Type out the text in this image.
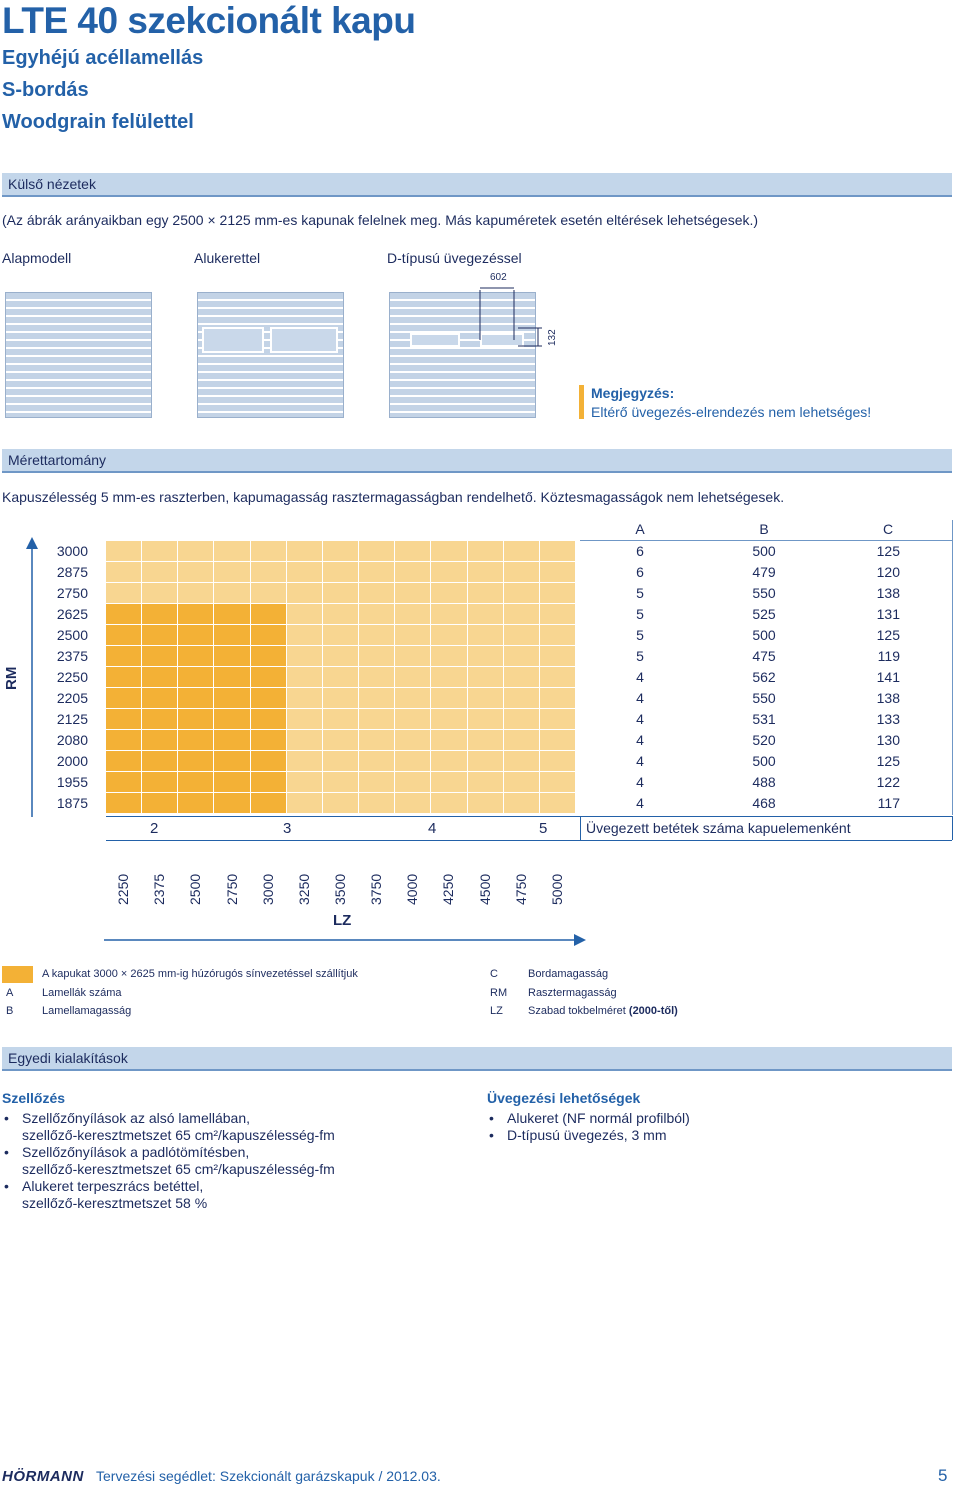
LTE 40 szekcionált kapu
Egyhéjú acéllamellás
S-bordás
Woodgrain felülettel
Külső nézetek
(Az ábrák arányaikban egy 2500 × 2125 mm-es kapunak felelnek meg. Más kapuméretek esetén eltérések lehetségesek.)
Alapmodell	Alukerettel	D-típusú üvegezéssel
602
132
Megjegyzés:
Eltérő üvegezés-elrendezés nem lehetséges!
Mérettartomány
Kapuszélesség 5 mm-es raszterben, kapumagasság rasztermagasságban rendelhető. Köztesmagasságok nem lehetségesek.
RM
A	B	C
2	3	4	5	Üvegezett betétek száma kapuelemenként
LZ
A kapukat 3000 × 2625 mm-ig húzórugós sínvezetéssel szállítjuk
A	Lamellák száma
B	Lamellamagasság
C	Bordamagasság
RM Rasztermagasság
LZ Szabad tokbelméret (2000-től)
Egyedi kialakítások
Szellőzés
• Szellőzőnyílások az alsó lamellában,
szellőző-keresztmetszet 65 cm²/kapuszélesség-fm
• Szellőzőnyílások a padlótömítésben,
szellőző-keresztmetszet 65 cm²/kapuszélesség-fm
• Alukeret terpeszrács betéttel,
szellőző-keresztmetszet 58 %
Üvegezési lehetőségek
• Alukeret (NF normál profilból)
• D-típusú üvegezés, 3 mm
HÖRMANN Tervezési segédlet: Szekcionált garázskapuk / 2012.03.	5
3000	6	500	125
2875	6	479	120
2750	5	550	138
2625	5	525	131
2500	5	500	125
2375	5	475	119
2250	4	562	141
2205	4	550	138
2125	4	531	133
2080	4	520	130
2000	4	500	125
1955	4	488	122
1875	4	468	117
2250 2375 2500 2750 3000 3250 3500 3750 4000 4250 4500 4750 5000
